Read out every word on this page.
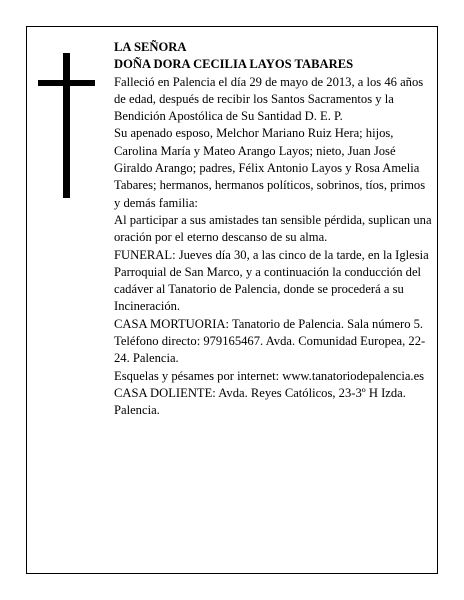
LA SEÑORA

DOÑA DORA CECILIA LAYOS TABARES

Falleció en Palencia el día 29 de mayo de 2013, a los 46 años de edad, después de recibir los Santos Sacramentos y la Bendición Apostólica de Su Santidad D. E. P.

Su apenado esposo, Melchor Mariano Ruiz Hera; hijos, Carolina María y Mateo Arango Layos; nieto, Juan José Giraldo Arango; padres, Félix Antonio Layos y Rosa Amelia Tabares; hermanos, hermanos políticos, sobrinos, tíos, primos y demás familia:

Al participar a sus amistades tan sensible pérdida, suplican una oración por el eterno descanso de su alma.

FUNERAL: Jueves día 30, a las cinco de la tarde, en la Iglesia Parroquial de San Marco, y a continuación la conducción del cadáver al Tanatorio de Palencia, donde se procederá a su Incineración.

CASA MORTUORIA: Tanatorio de Palencia. Sala número 5. Teléfono directo: 979165467. Avda. Comunidad Europea, 22-24. Palencia.

Esquelas y pésames por internet: www.tanatoriodepalencia.es

CASA DOLIENTE: Avda. Reyes Católicos, 23-3º H Izda. Palencia.
